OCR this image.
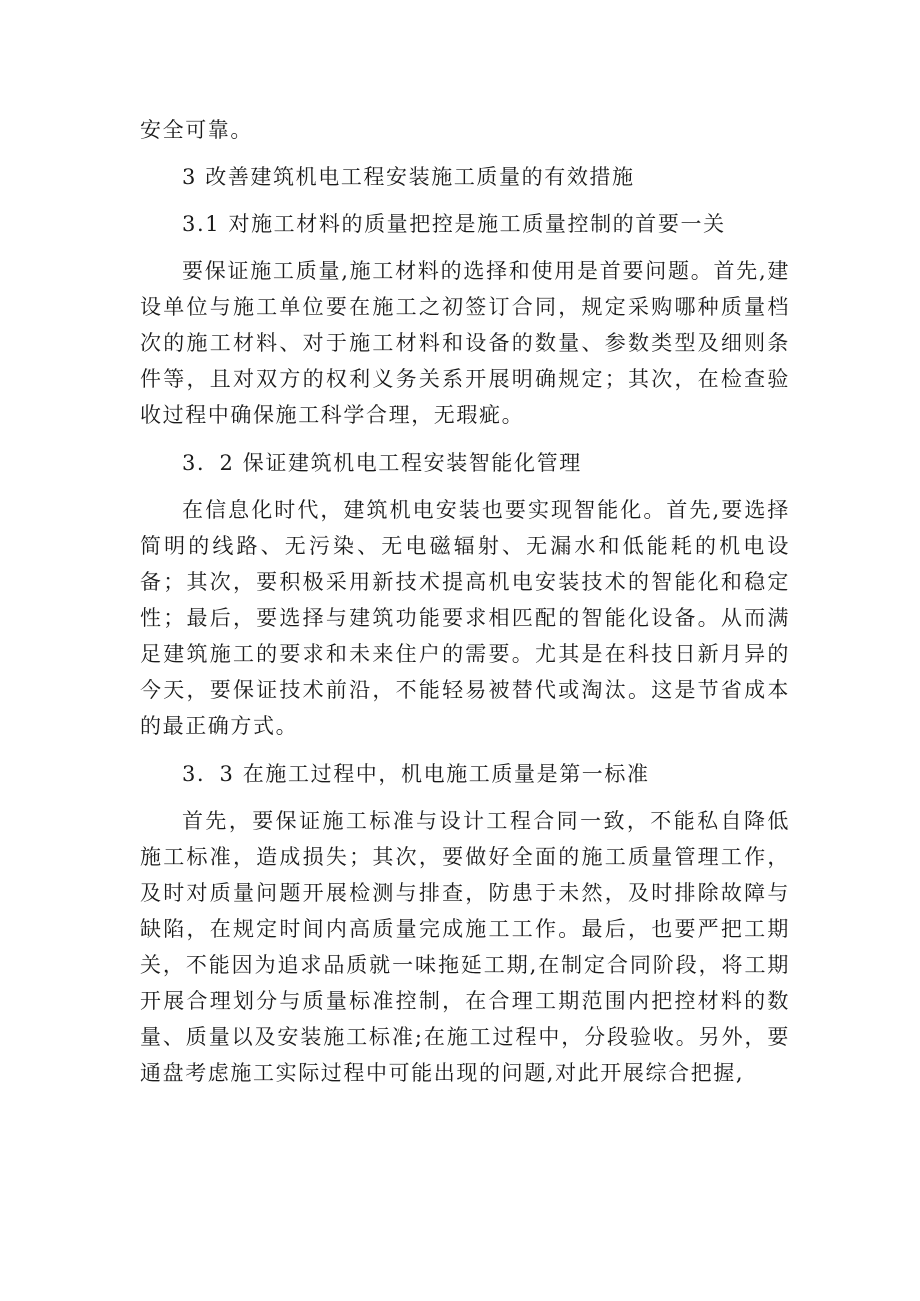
安全可靠。

3 改善建筑机电工程安装施工质量的有效措施

3.1 对施工材料的质量把控是施工质量控制的首要一关

要保证施工质量,施工材料的选择和使用是首要问题。首先,建设单位与施工单位要在施工之初签订合同，规定采购哪种质量档次的施工材料、对于施工材料和设备的数量、参数类型及细则条件等，且对双方的权利义务关系开展明确规定；其次，在检查验收过程中确保施工科学合理，无瑕疵。

3．2 保证建筑机电工程安装智能化管理

在信息化时代，建筑机电安装也要实现智能化。首先,要选择简明的线路、无污染、无电磁辐射、无漏水和低能耗的机电设备；其次，要积极采用新技术提高机电安装技术的智能化和稳定性；最后，要选择与建筑功能要求相匹配的智能化设备。从而满足建筑施工的要求和未来住户的需要。尤其是在科技日新月异的今天，要保证技术前沿，不能轻易被替代或淘汰。这是节省成本的最正确方式。

3．3 在施工过程中，机电施工质量是第一标准

首先，要保证施工标准与设计工程合同一致，不能私自降低施工标准，造成损失；其次，要做好全面的施工质量管理工作，及时对质量问题开展检测与排查，防患于未然，及时排除故障与缺陷，在规定时间内高质量完成施工工作。最后，也要严把工期关，不能因为追求品质就一味拖延工期,在制定合同阶段，将工期开展合理划分与质量标准控制，在合理工期范围内把控材料的数量、质量以及安装施工标准;在施工过程中，分段验收。另外，要通盘考虑施工实际过程中可能出现的问题,对此开展综合把握,
